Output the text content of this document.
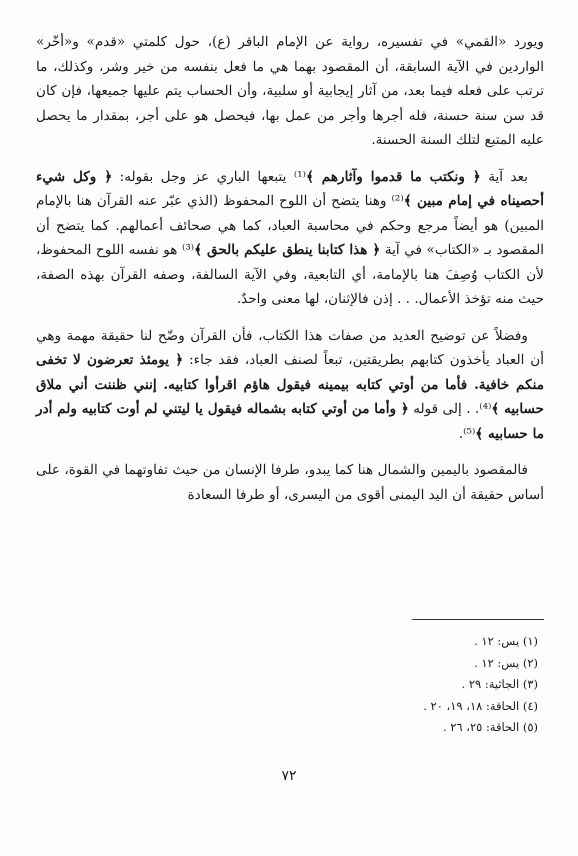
ويورد «القمي» في تفسيره، رواية عن الإمام الباقر (ع)، حول كلمتي «قدم» و«أخّر» الواردين في الآية السابقة، أن المقصود بهما هي ما فعل بنفسه من خير وشر، وكذلك، ما ترتب على فعله فيما بعد، من آثار إيجابية أو سلبية، وأن الحساب يتم عليها جميعها، فإن كان قد سن سنة حسنة، فله أجرها وأجر من عمل بها، فيحصل هو على أجر، بمقدار ما يحصل عليه المتبع لتلك السنة الحسنة.

بعد آية ﴿ ونكتب ما قدموا وآثارهم ﴾⁽¹⁾ يتبعها الباري عز وجل بقوله: ﴿ وكل شيء أحصيناه في إمام مبين ﴾⁽²⁾ وهنا يتضح أن اللوح المحفوظ (الذي عبّر عنه القرآن هنا بالإمام المبين) هو أيضاً مرجع وحكم في محاسبة العباد، كما هي صحائف أعمالهم. كما يتضح أن المقصود بـ «الكتاب» في آية ﴿ هذا كتابنا ينطق عليكم بالحق ﴾⁽³⁾ هو نفسه اللوح المحفوظ، لأن الكتاب وُصِفَ هنا بالإمامة، أي التابعية، وفي الآية السالفة، وصفه القرآن بهذه الصفة، حيث منه تؤخذ الأعمال. . . إذن فالإثنان، لها معنى واحدٌ.

وفضلاً عن توضيح العديد من صفات هذا الكتاب، فأن القرآن وضّح لنا حقيقة مهمة وهي أن العباد يأخذون كتابهم بطريقتين، تبعاً لصنف العباد، فقد جاء: ﴿ يومئذ تعرضون لا تخفى منكم خافية. فأما من أوتي كتابه بيمينه فيقول هاؤم اقرأوا كتابيه. إنني ظننت أني ملاق حسابيه ﴾⁽⁴⁾. . إلى قوله ﴿ وأما من أوتي كتابه بشماله فيقول يا ليتني لم أوت كتابيه ولم أدر ما حسابيه ﴾⁽⁵⁾.

فالمقصود باليمين والشمال هنا كما يبدو، طرفا الإنسان من حيث تفاوتهما في القوة، على أساس حقيقة أن اليد اليمنى أقوى من اليسرى، أو طرفا السعادة

(١) يس: ١٢ .
(٢) يس: ١٢ .
(٣) الجاثية: ٢٩ .
(٤) الحاقة: ١٨، ١٩، ٢٠ .
(٥) الحاقة: ٢٥، ٢٦ .
٧٢
